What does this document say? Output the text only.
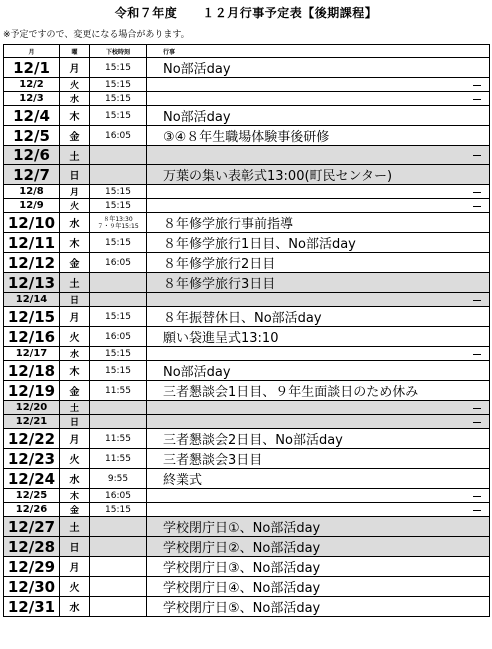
令和７年度　　１２月行事予定表【後期課程】
※予定ですので、変更になる場合があります。
月	曜	下校時刻	行事
12/1	月	15:15	No部活day
12/2	火	15:15	

12/3	水	15:15	

12/4	木	15:15	No部活day
12/5	金	16:05	③④８年生職場体験事後研修
12/6	土		

12/7	日		万葉の集い表彰式13:00(町民センター)
12/8	月	15:15	

12/9	火	15:15	

12/10	水	８年13:30
７・９年15:15	８年修学旅行事前指導
12/11	木	15:15	８年修学旅行1日目、No部活day
12/12	金	16:05	８年修学旅行2日目
12/13	土		８年修学旅行3日目
12/14	日		

12/15	月	15:15	８年振替休日、No部活day
12/16	火	16:05	願い袋進呈式13:10
12/17	水	15:15	

12/18	木	15:15	No部活day
12/19	金	11:55	三者懇談会1日目、９年生面談日のため休み
12/20	土		

12/21	日		

12/22	月	11:55	三者懇談会2日目、No部活day
12/23	火	11:55	三者懇談会3日目
12/24	水	9:55	終業式
12/25	木	16:05	

12/26	金	15:15	

12/27	土		学校閉庁日①、No部活day
12/28	日		学校閉庁日②、No部活day
12/29	月		学校閉庁日③、No部活day
12/30	火		学校閉庁日④、No部活day
12/31	水		学校閉庁日⑤、No部活day
